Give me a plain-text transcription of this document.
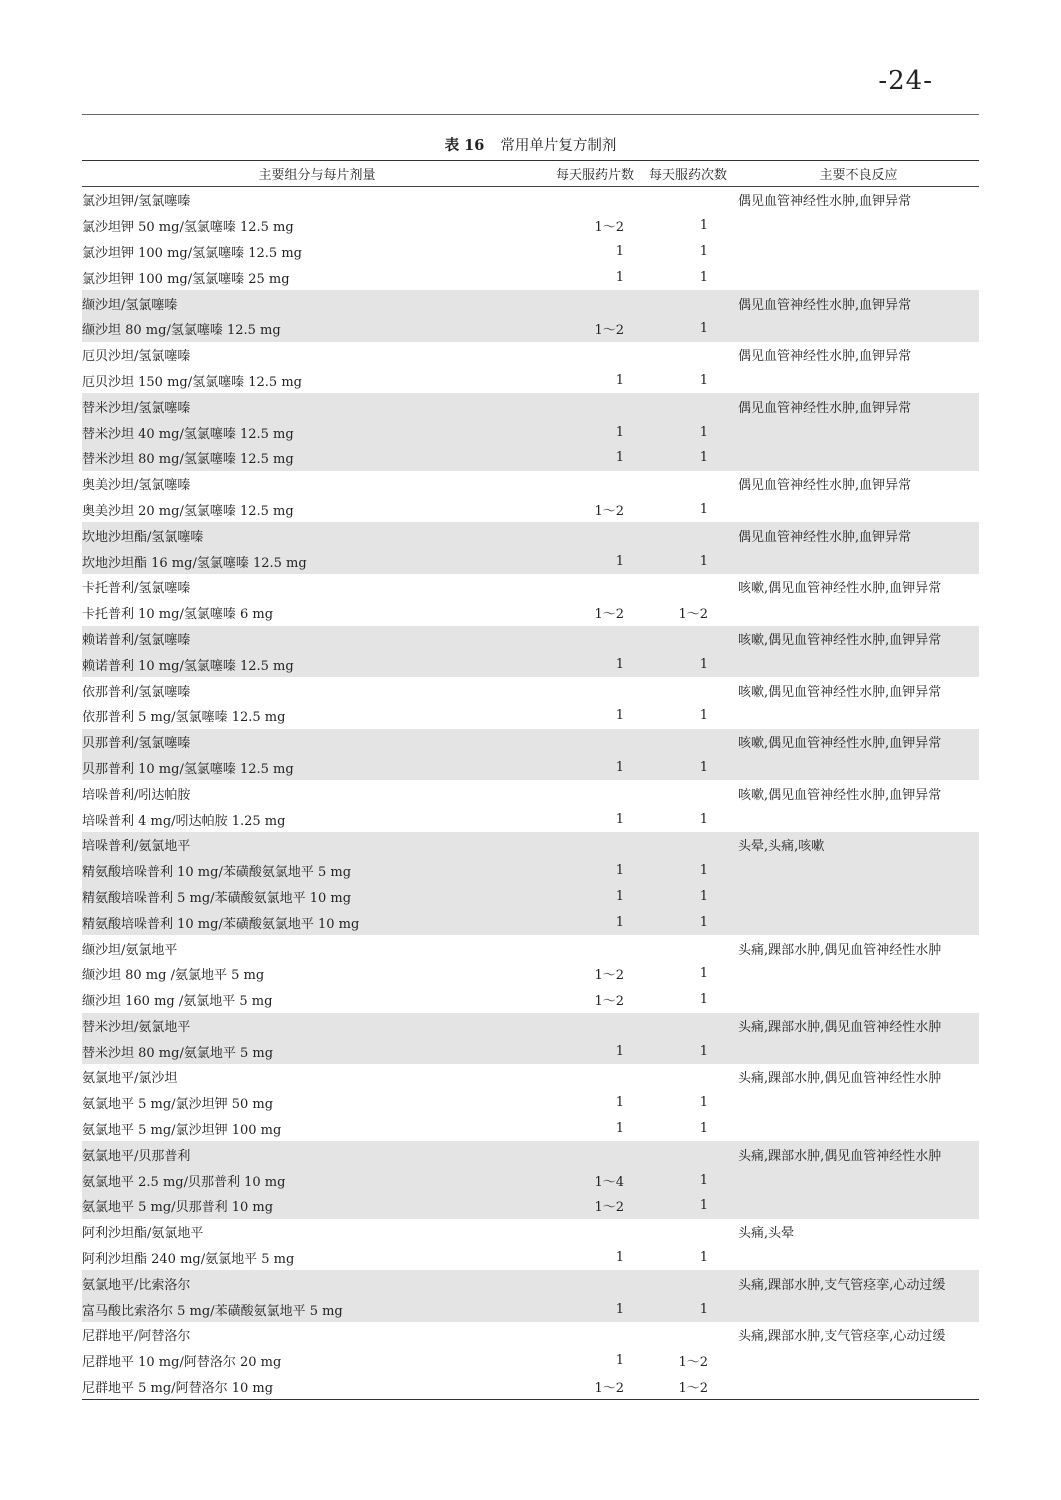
-24-
表 16 常用单片复方制剂
主要组分与每片剂量	每天服药片数	每天服药次数	主要不良反应
氯沙坦钾/氢氯噻嗪			偶见血管神经性水肿,血钾异常
氯沙坦钾 50 mg/氢氯噻嗪 12.5 mg	1～2	1	
氯沙坦钾 100 mg/氢氯噻嗪 12.5 mg	1	1	
氯沙坦钾 100 mg/氢氯噻嗪 25 mg	1	1	
缬沙坦/氢氯噻嗪			偶见血管神经性水肿,血钾异常
缬沙坦 80 mg/氢氯噻嗪 12.5 mg	1～2	1	
厄贝沙坦/氢氯噻嗪			偶见血管神经性水肿,血钾异常
厄贝沙坦 150 mg/氢氯噻嗪 12.5 mg	1	1	
替米沙坦/氢氯噻嗪			偶见血管神经性水肿,血钾异常
替米沙坦 40 mg/氢氯噻嗪 12.5 mg	1	1	
替米沙坦 80 mg/氢氯噻嗪 12.5 mg	1	1	
奥美沙坦/氢氯噻嗪			偶见血管神经性水肿,血钾异常
奥美沙坦 20 mg/氢氯噻嗪 12.5 mg	1～2	1	
坎地沙坦酯/氢氯噻嗪			偶见血管神经性水肿,血钾异常
坎地沙坦酯 16 mg/氢氯噻嗪 12.5 mg	1	1	
卡托普利/氢氯噻嗪			咳嗽,偶见血管神经性水肿,血钾异常
卡托普利 10 mg/氢氯噻嗪 6 mg	1～2	1～2	
赖诺普利/氢氯噻嗪			咳嗽,偶见血管神经性水肿,血钾异常
赖诺普利 10 mg/氢氯噻嗪 12.5 mg	1	1	
依那普利/氢氯噻嗪			咳嗽,偶见血管神经性水肿,血钾异常
依那普利 5 mg/氢氯噻嗪 12.5 mg	1	1	
贝那普利/氢氯噻嗪			咳嗽,偶见血管神经性水肿,血钾异常
贝那普利 10 mg/氢氯噻嗪 12.5 mg	1	1	
培哚普利/吲达帕胺			咳嗽,偶见血管神经性水肿,血钾异常
培哚普利 4 mg/吲达帕胺 1.25 mg	1	1	
培哚普利/氨氯地平			头晕,头痛,咳嗽
精氨酸培哚普利 10 mg/苯磺酸氨氯地平 5 mg	1	1	
精氨酸培哚普利 5 mg/苯磺酸氨氯地平 10 mg	1	1	
精氨酸培哚普利 10 mg/苯磺酸氨氯地平 10 mg	1	1	
缬沙坦/氨氯地平			头痛,踝部水肿,偶见血管神经性水肿
缬沙坦 80 mg /氨氯地平 5 mg	1～2	1	
缬沙坦 160 mg /氨氯地平 5 mg	1～2	1	
替米沙坦/氨氯地平			头痛,踝部水肿,偶见血管神经性水肿
替米沙坦 80 mg/氨氯地平 5 mg	1	1	
氨氯地平/氯沙坦			头痛,踝部水肿,偶见血管神经性水肿
氨氯地平 5 mg/氯沙坦钾 50 mg	1	1	
氨氯地平 5 mg/氯沙坦钾 100 mg	1	1	
氨氯地平/贝那普利			头痛,踝部水肿,偶见血管神经性水肿
氨氯地平 2.5 mg/贝那普利 10 mg	1～4	1	
氨氯地平 5 mg/贝那普利 10 mg	1～2	1	
阿利沙坦酯/氨氯地平			头痛,头晕
阿利沙坦酯 240 mg/氨氯地平 5 mg	1	1	
氨氯地平/比索洛尔			头痛,踝部水肿,支气管痉挛,心动过缓
富马酸比索洛尔 5 mg/苯磺酸氨氯地平 5 mg	1	1	
尼群地平/阿替洛尔			头痛,踝部水肿,支气管痉挛,心动过缓
尼群地平 10 mg/阿替洛尔 20 mg	1	1～2	
尼群地平 5 mg/阿替洛尔 10 mg	1～2	1～2	
